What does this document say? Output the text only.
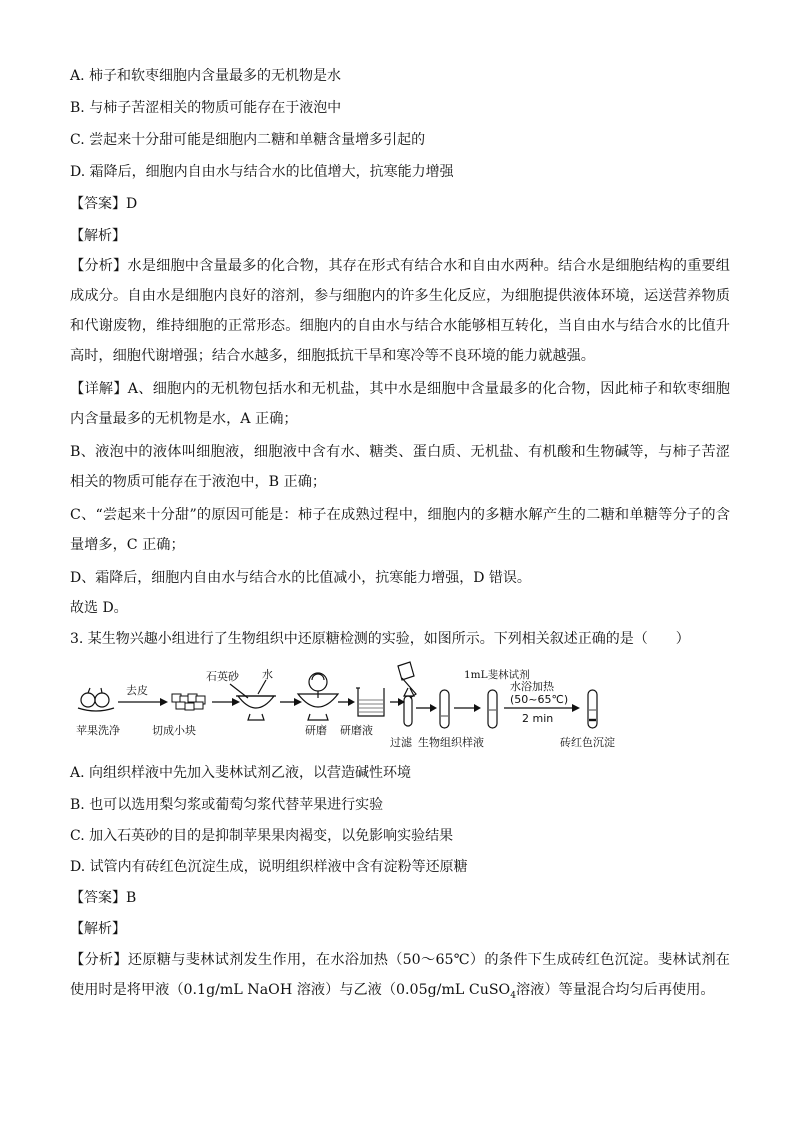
A. 柿子和软枣细胞内含量最多的无机物是水
B. 与柿子苦涩相关的物质可能存在于液泡中
C. 尝起来十分甜可能是细胞内二糖和单糖含量增多引起的
D. 霜降后，细胞内自由水与结合水的比值增大，抗寒能力增强
【答案】D
【解析】
【分析】水是细胞中含量最多的化合物，其存在形式有结合水和自由水两种。结合水是细胞结构的重要组成成分。自由水是细胞内良好的溶剂，参与细胞内的许多生化反应，为细胞提供液体环境，运送营养物质和代谢废物，维持细胞的正常形态。细胞内的自由水与结合水能够相互转化，当自由水与结合水的比值升高时，细胞代谢增强；结合水越多，细胞抵抗干旱和寒冷等不良环境的能力就越强。
【详解】A、细胞内的无机物包括水和无机盐，其中水是细胞中含量最多的化合物，因此柿子和软枣细胞内含量最多的无机物是水，A 正确；
B、液泡中的液体叫细胞液，细胞液中含有水、糖类、蛋白质、无机盐、有机酸和生物碱等，与柿子苦涩相关的物质可能存在于液泡中，B 正确；
C、“尝起来十分甜”的原因可能是：柿子在成熟过程中，细胞内的多糖水解产生的二糖和单糖等分子的含量增多，C 正确；
D、霜降后，细胞内自由水与结合水的比值减小，抗寒能力增强，D 错误。
故选 D。
3. 某生物兴趣小组进行了生物组织中还原糖检测的实验，如图所示。下列相关叙述正确的是（　　）
苹果洗净
去皮
切成小块
石英砂 水
研磨 研磨液
过滤 生物组织样液
1mL斐林试剂
水浴加热
(50~65℃)
2 min
砖红色沉淀
A. 向组织样液中先加入斐林试剂乙液，以营造碱性环境
B. 也可以选用梨匀浆或葡萄匀浆代替苹果进行实验
C. 加入石英砂的目的是抑制苹果果肉褐变，以免影响实验结果
D. 试管内有砖红色沉淀生成，说明组织样液中含有淀粉等还原糖
【答案】B
【解析】
【分析】还原糖与斐林试剂发生作用，在水浴加热（50～65℃）的条件下生成砖红色沉淀。斐林试剂在使用时是将甲液（0.1g/mL NaOH 溶液）与乙液（0.05g/mL CuSO$_4$溶液）等量混合均匀后再使用。
